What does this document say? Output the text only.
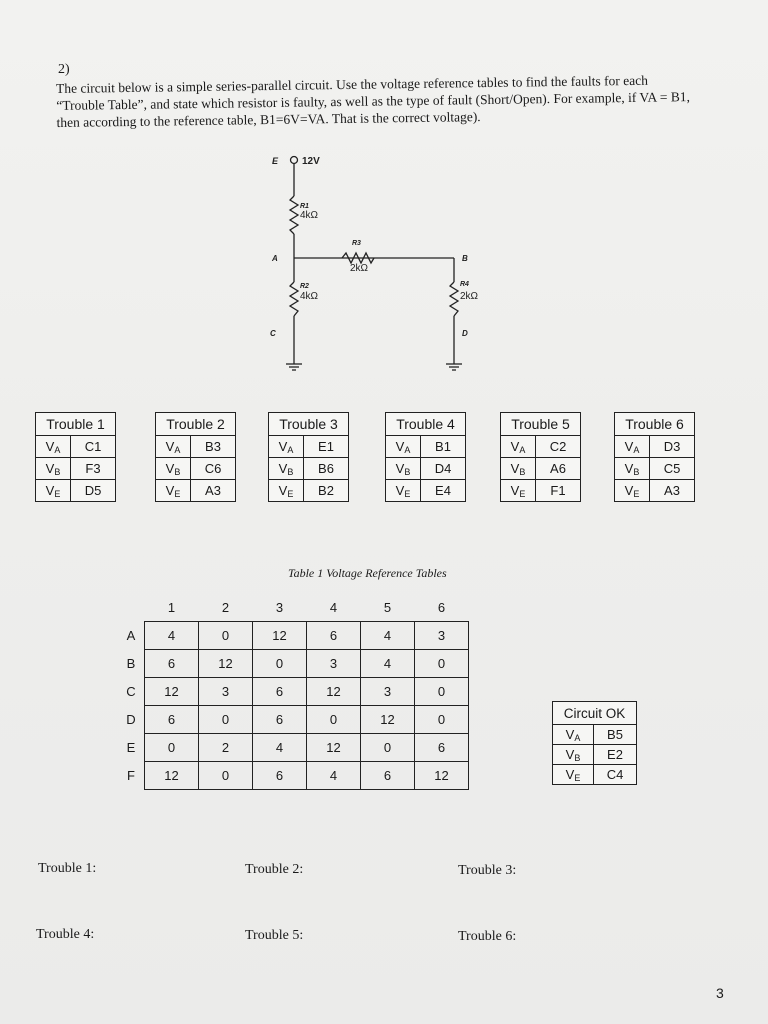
2)
The circuit below is a simple series-parallel circuit. Use the voltage reference tables to find the faults for each “Trouble Table”, and state which resistor is faulty, as well as the type of fault (Short/Open). For example, if VA = B1, then according to the reference table, B1=6V=VA. That is the correct voltage).
E 12V
R1
4kΩ
A
R3
2kΩ
B
R2
4kΩ
R4
2kΩ
C	D
Trouble 1	
$V_A$	C1
$V_B$	F3
$V_E$	D5
Trouble 2	
$V_A$	B3
$V_B$	C6
$V_E$	A3
Trouble 3	
$V_A$	E1
$V_B$	B6
$V_E$	B2
Trouble 4	
$V_A$	B1
$V_B$	D4
$V_E$	E4
Trouble 5	
$V_A$	C2
$V_B$	A6
$V_E$	F1
Trouble 6	
$V_A$	D3
$V_B$	C5
$V_E$	A3
Table 1 Voltage Reference Tables
	1	2	3	4	5	6
A	4	0	12	6	4	3
B	6	12	0	3	4	0
C	12	3	6	12	3	0
D	6	0	6	0	12	0
E	0	2	4	12	0	6
F	12	0	6	4	6	12
Circuit OK	
$V_A$	B5
$V_B$	E2
$V_E$	C4
Trouble 1:	Trouble 2:	Trouble 3:
Trouble 4:	Trouble 5:	Trouble 6:
3
